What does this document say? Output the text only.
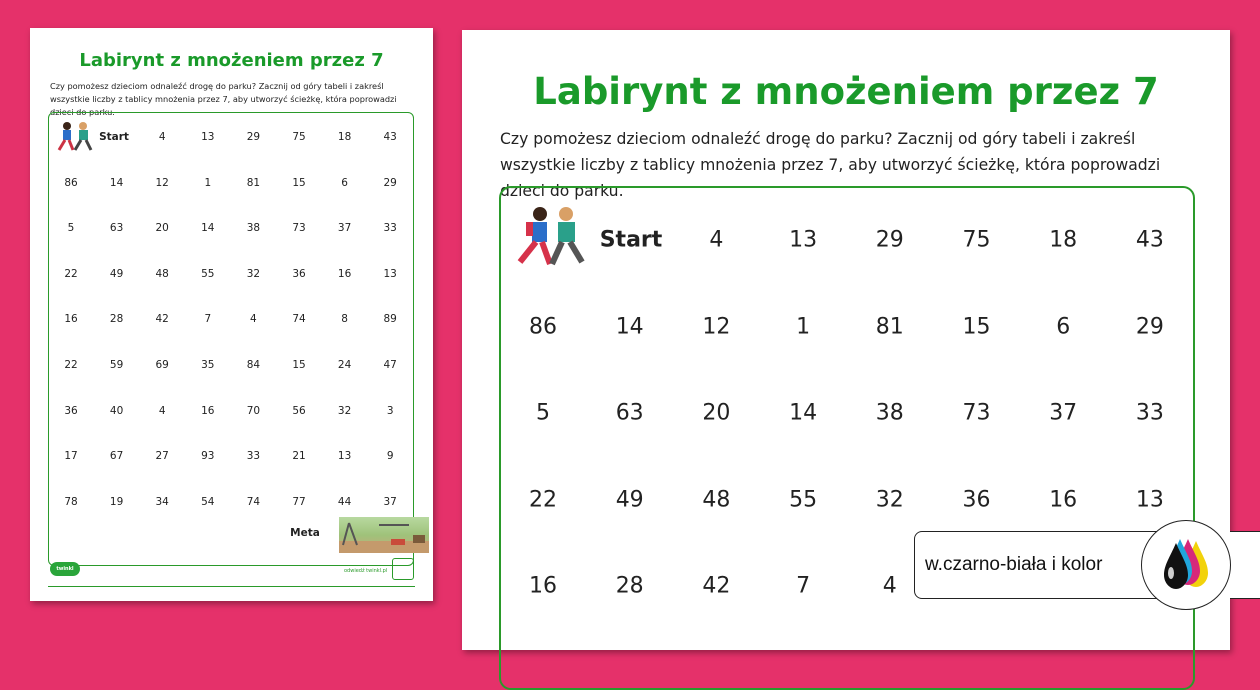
Labirynt z mnożeniem przez 7
Czy pomożesz dzieciom odnaleźć drogę do parku? Zacznij od góry tabeli i zakreśl wszystkie liczby z tablicy mnożenia przez 7, aby utworzyć ścieżkę, która poprowadzi dzieci do parku.
Start	4	13	29	75	18	43
86	14	12	1	81	15	6	29
5	63	20	14	38	73	37	33
22	49	48	55	32	36	16	13
16	28	42	7	4	74	8	89
22	59	69	35	84	15	24	47
36	40	4	16	70	56	32	3
17	67	27	93	33	21	13	9
78	19	34	54	74	77	44	37
Meta
twinkl	odwiedź twinkl.pl
Labirynt z mnożeniem przez 7
Czy pomożesz dzieciom odnaleźć drogę do parku? Zacznij od góry tabeli i zakreśl wszystkie liczby z tablicy mnożenia przez 7, aby utworzyć ścieżkę, która poprowadzi dzieci do parku.
Start	4	13	29	75	18	43
86	14	12	1	81	15	6	29
5	63	20	14	38	73	37	33
22	49	48	55	32	36	16	13
16	28	42	7	4
w.czarno-biała i kolor
